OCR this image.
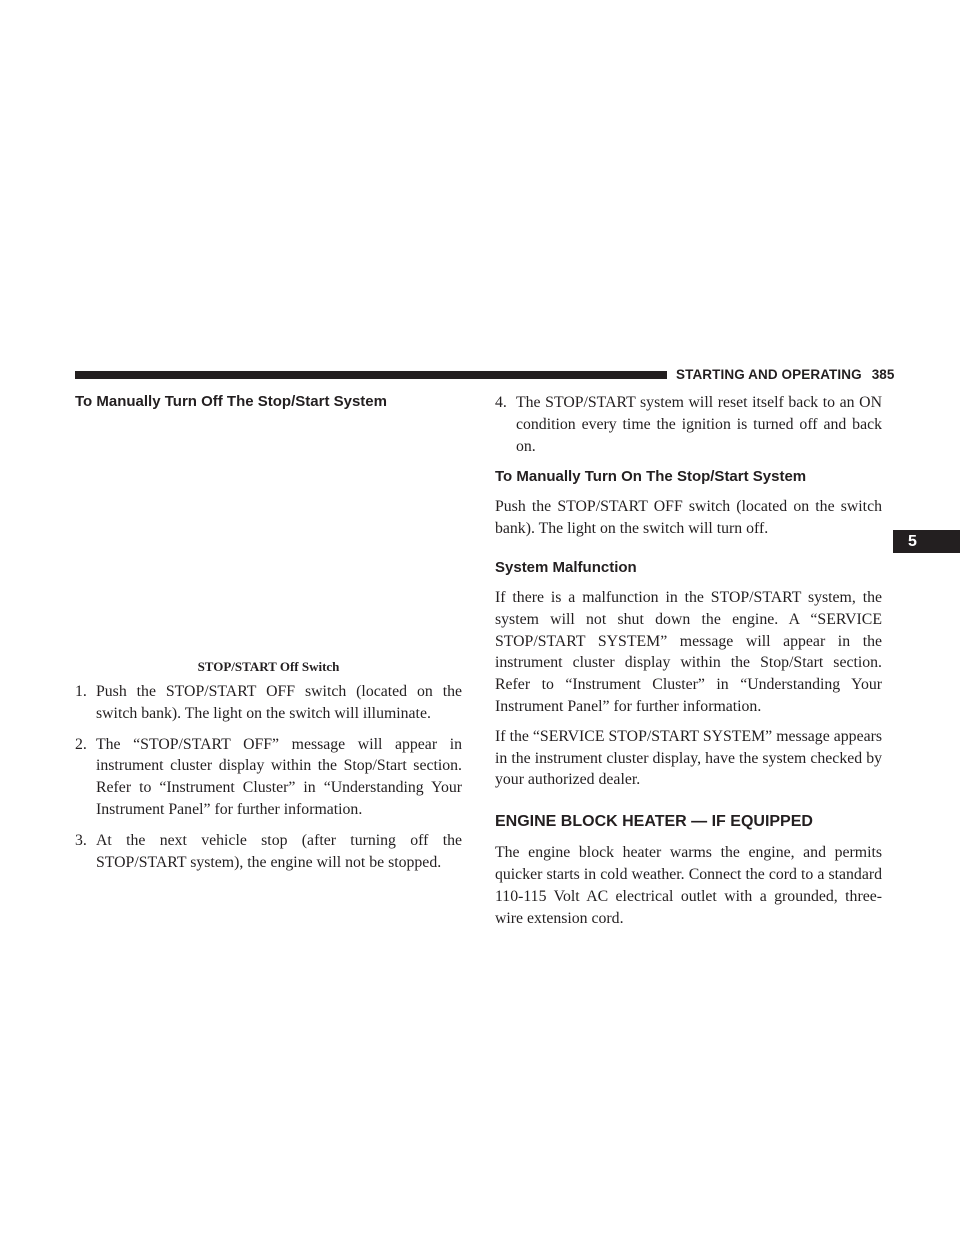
STARTING AND OPERATING 385
5
To Manually Turn Off The Stop/Start System
STOP/START Off Switch
1. Push the STOP/START OFF switch (located on the switch bank). The light on the switch will illuminate.
2. The “STOP/START OFF” message will appear in instrument cluster display within the Stop/Start section. Refer to “Instrument Cluster” in “Understanding Your Instrument Panel” for further information.
3. At the next vehicle stop (after turning off the STOP/START system), the engine will not be stopped.
4. The STOP/START system will reset itself back to an ON condition every time the ignition is turned off and back on.
To Manually Turn On The Stop/Start System

Push the STOP/START OFF switch (located on the switch bank). The light on the switch will turn off.

System Malfunction

If there is a malfunction in the STOP/START system, the system will not shut down the engine. A “SERVICE STOP/START SYSTEM” message will appear in the instrument cluster display within the Stop/Start section. Refer to “Instrument Cluster” in “Understanding Your Instrument Panel” for further information.

If the “SERVICE STOP/START SYSTEM” message appears in the instrument cluster display, have the system checked by your authorized dealer.

ENGINE BLOCK HEATER — IF EQUIPPED

The engine block heater warms the engine, and permits quicker starts in cold weather. Connect the cord to a standard 110-115 Volt AC electrical outlet with a grounded, three-wire extension cord.
